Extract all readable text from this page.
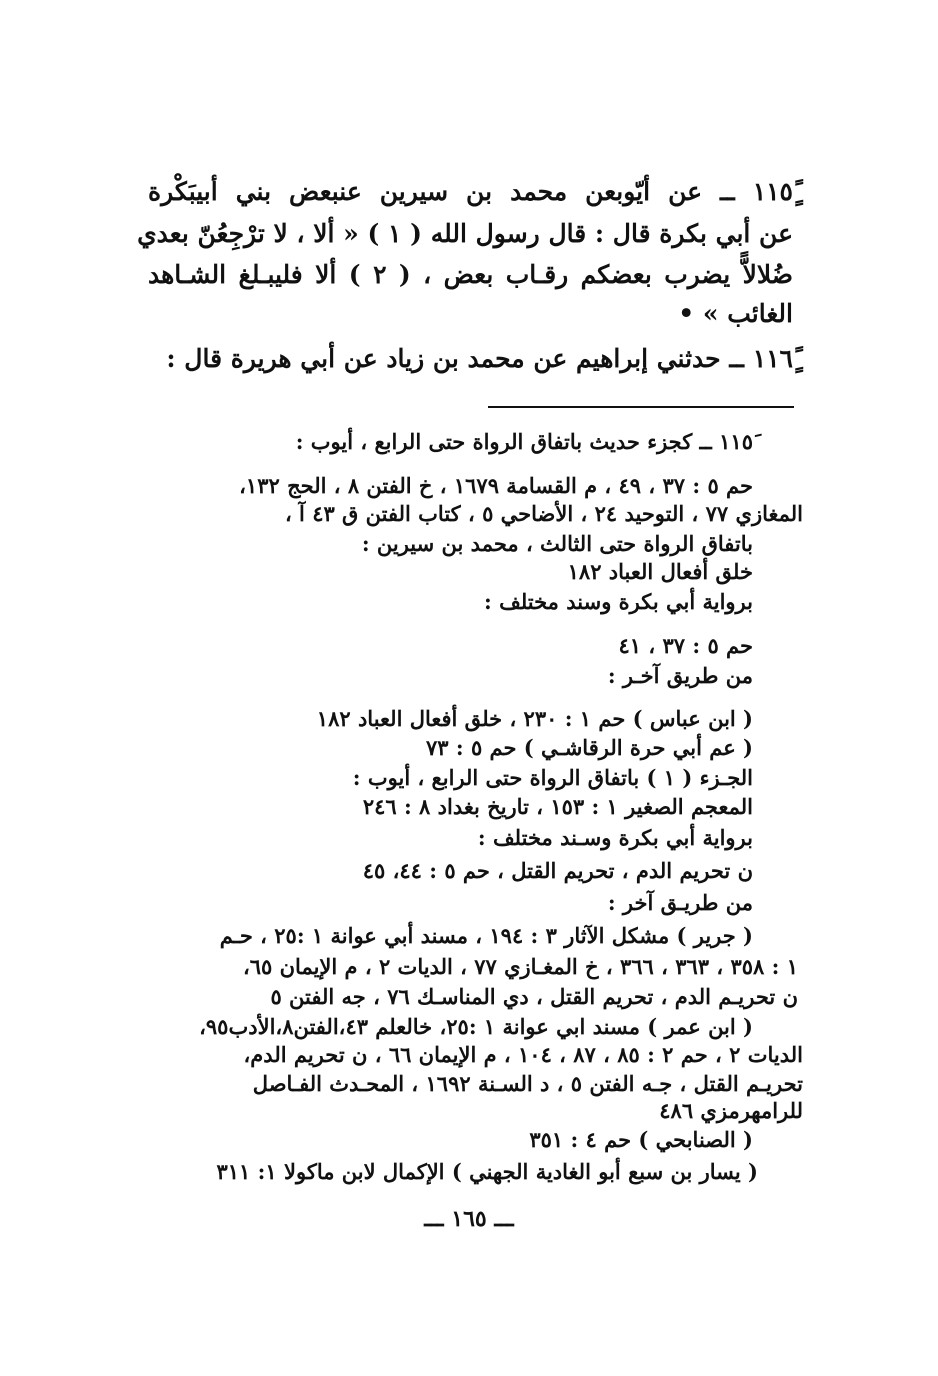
١١٥ًٍ ــ عن أيّوبعن محمد بن سيرين عنبعض بني أبيبَكْرة
عن أبي بكرة قال : قال رسول الله ( ١ ) « ألا ، لا ترْجِعُنّ بعدي
ضُلالاًّ يضرب بعضكم رقـاب بعض ، ( ٢ ) ألا فليبـلغ الشـاهد
الغائب » •
١١٦ًٍ ــ حدثني إبراهيم عن محمد بن زياد عن أبي هريرة قال :
١١٥َ ــ كجزء حديث باتفاق الرواة حتى الرابع ، أيوب :
حم ٥ : ٣٧ ، ٤٩ ، م القسامة ١٦٧٩ ، خ الفتن ٨ ، الحج ١٣٢،
المغازي ٧٧ ، التوحيد ٢٤ ، الأضاحي ٥ ، كتاب الفتن ق ٤٣ آ ،
باتفاق الرواة حتى الثالث ، محمد بن سيرين :
خلق أفعال العباد ١٨٢
برواية أبي بكرة وسند مختلف :
حم ٥ : ٣٧ ، ٤١
من طريق آخـر :
( ابن عباس ) حم ١ : ٢٣٠ ، خلق أفعال العباد ١٨٢
( عم أبي حرة الرقاشـي ) حم ٥ : ٧٣
الجـزء ( ١ ) باتفاق الرواة حتى الرابع ، أيوب :
المعجم الصغير ١ : ١٥٣ ، تاريخ بغداد ٨ : ٢٤٦
برواية أبي بكرة وسـند مختلف :
ن تحريم الدم ، تحريم القتل ، حم ٥ : ٤٤، ٤٥
من طريـق آخر :
( جرير ) مشكل الآثار ٣ : ١٩٤ ، مسند أبي عوانة ١ :٢٥ ، حـم
١ : ٣٥٨ ، ٣٦٣ ، ٣٦٦ ، خ المغـازي ٧٧ ، الديات ٢ ، م الإيمان ٦٥،
ن تحريـم الدم ، تحريم القتل ، دي المناسـك ٧٦ ، جه الفتن ٥
( ابن عمر ) مسند ابي عوانة ١ :٢٥، خالعلم ٤٣،الفتن٨،الأدب٩٥،
الديات ٢ ، حم ٢ : ٨٥ ، ٨٧ ، ١٠٤ ، م الإيمان ٦٦ ، ن تحريم الدم،
تحريـم القتل ، جـه الفتن ٥ ، د السـنة ١٦٩٢ ، المحـدث الفـاصل
للرامهرمزي ٤٨٦
( الصنابحي ) حم ٤ : ٣٥١
( يسار بن سبع أبو الغادية الجهني ) الإكمال لابن ماكولا ١: ٣١١
ـــ ١٦٥ ـــ
